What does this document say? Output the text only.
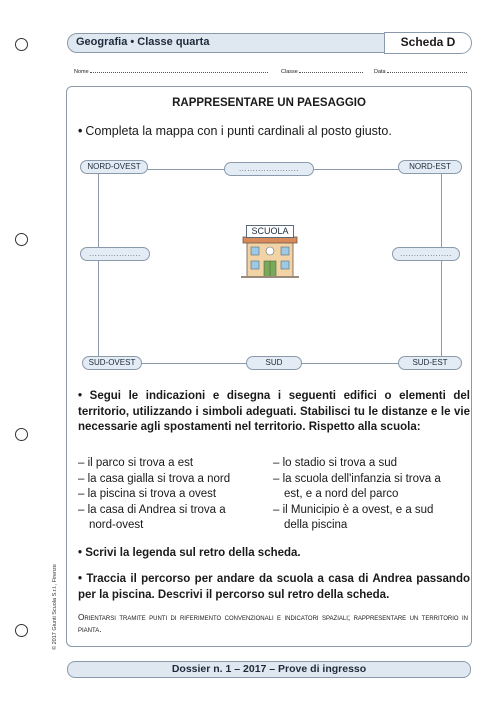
Geografia • Classe quarta	Scheda D
Nome	Classe	Data
RAPPRESENTARE UN PAESAGGIO
• Completa la mappa con i punti cardinali al posto giusto.
NORD-OVEST	......................	NORD-EST
...................	...................
SUD-OVEST	SUD	SUD-EST
SCUOLA
• Segui le indicazioni e disegna i seguenti edifici o elementi del territorio, utilizzando i simboli adeguati. Stabilisci tu le distanze e le vie necessarie agli spostamenti nel territorio. Rispetto alla scuola:
– il parco si trova a est
– la casa gialla si trova a nord
– la piscina si trova a ovest
– la casa di Andrea si trova a
nord-ovest
– lo stadio si trova a sud
– la scuola dell'infanzia si trova a
est, e a nord del parco
– il Municipio è a ovest, e a sud
della piscina
• Scrivi la legenda sul retro della scheda.
• Traccia il percorso per andare da scuola a casa di Andrea passando per la piscina. Descrivi il percorso sul retro della scheda.
Orientarsi tramite punti di riferimento convenzionali e indicatori spaziali; rappresentare un territorio in pianta.
© 2017 Giunti Scuola S.r.l., Firenze
Dossier n. 1 – 2017 – Prove di ingresso
